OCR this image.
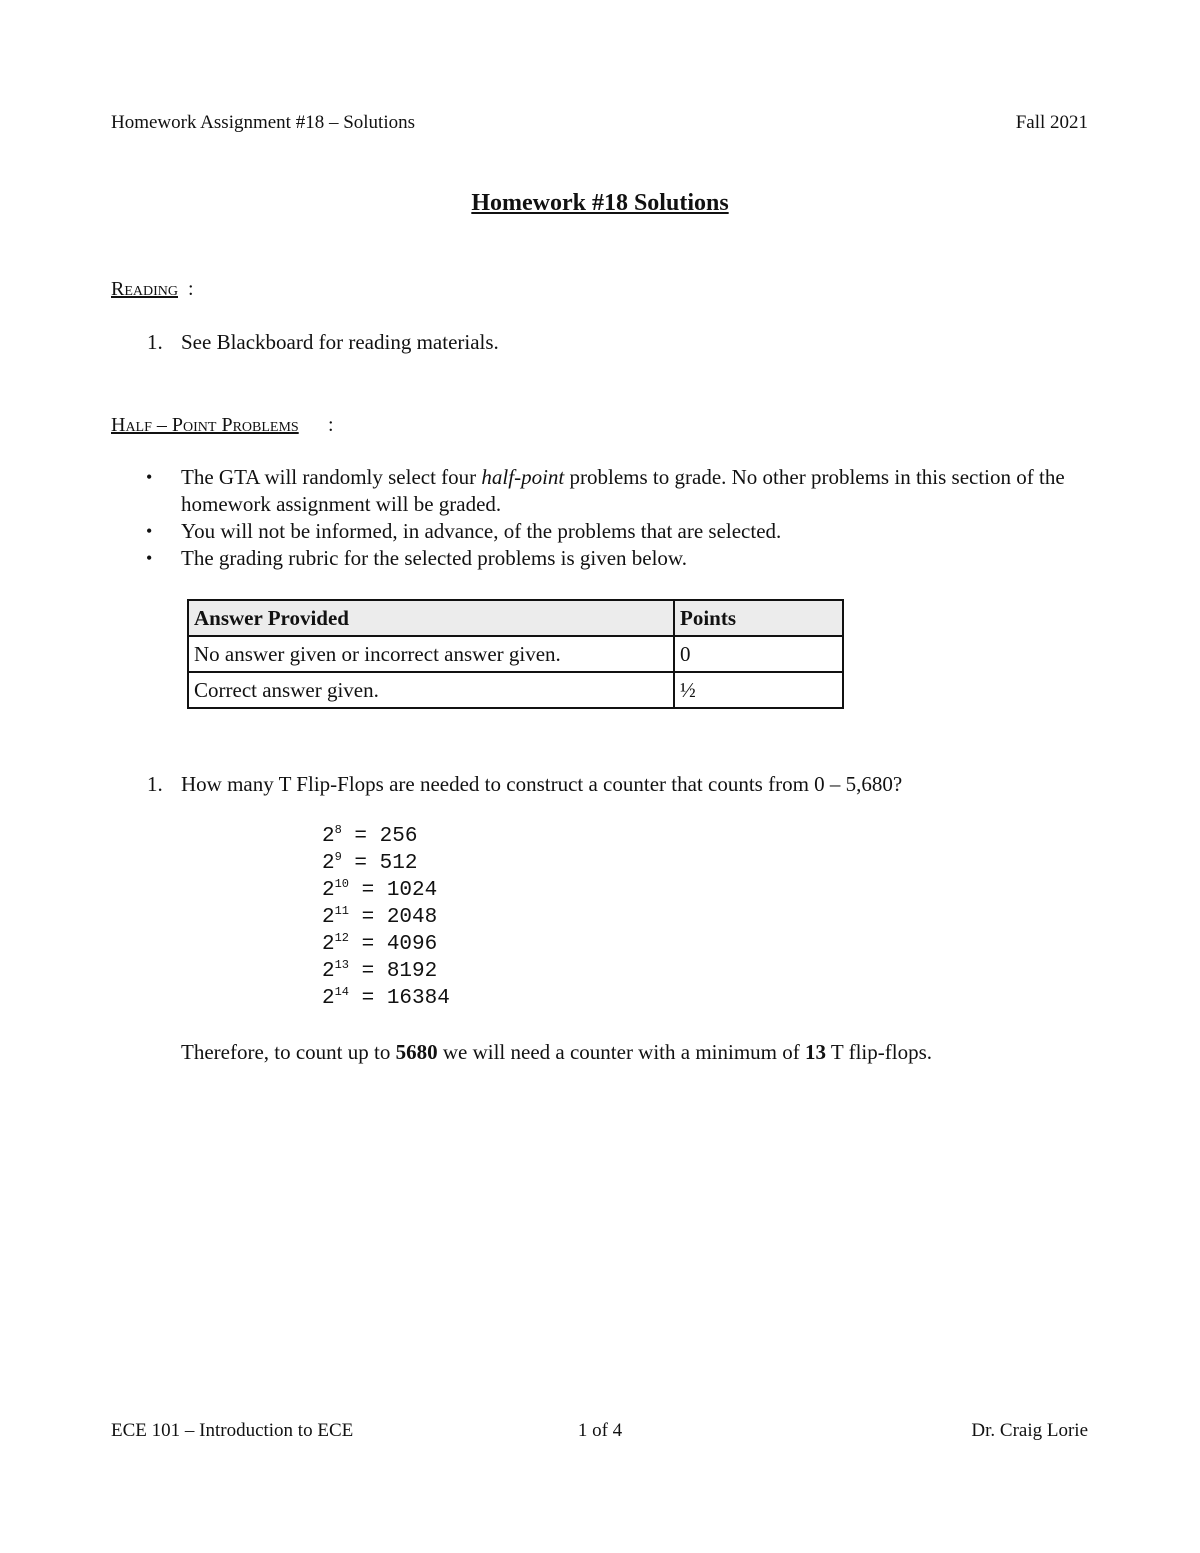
Homework Assignment #18 – Solutions	Fall 2021
Homework #18 Solutions
Reading :
1. See Blackboard for reading materials.
Half – Point Problems :
• The GTA will randomly select four half-point problems to grade. No other problems in this section of the homework assignment will be graded.
• You will not be informed, in advance, of the problems that are selected.
• The grading rubric for the selected problems is given below.
Answer Provided	Points
No answer given or incorrect answer given.	0
Correct answer given.	½
1. How many T Flip-Flops are needed to construct a counter that counts from 0 – 5,680?
$2^8 = 256$
$2^9 = 512$
$2^{10} = 1024$
$2^{11} = 2048$
$2^{12} = 4096$
$2^{13} = 8192$
$2^{14} = 16384$
Therefore, to count up to 5680 we will need a counter with a minimum of 13 T flip-flops.
ECE 101 – Introduction to ECE	1 of 4	Dr. Craig Lorie
